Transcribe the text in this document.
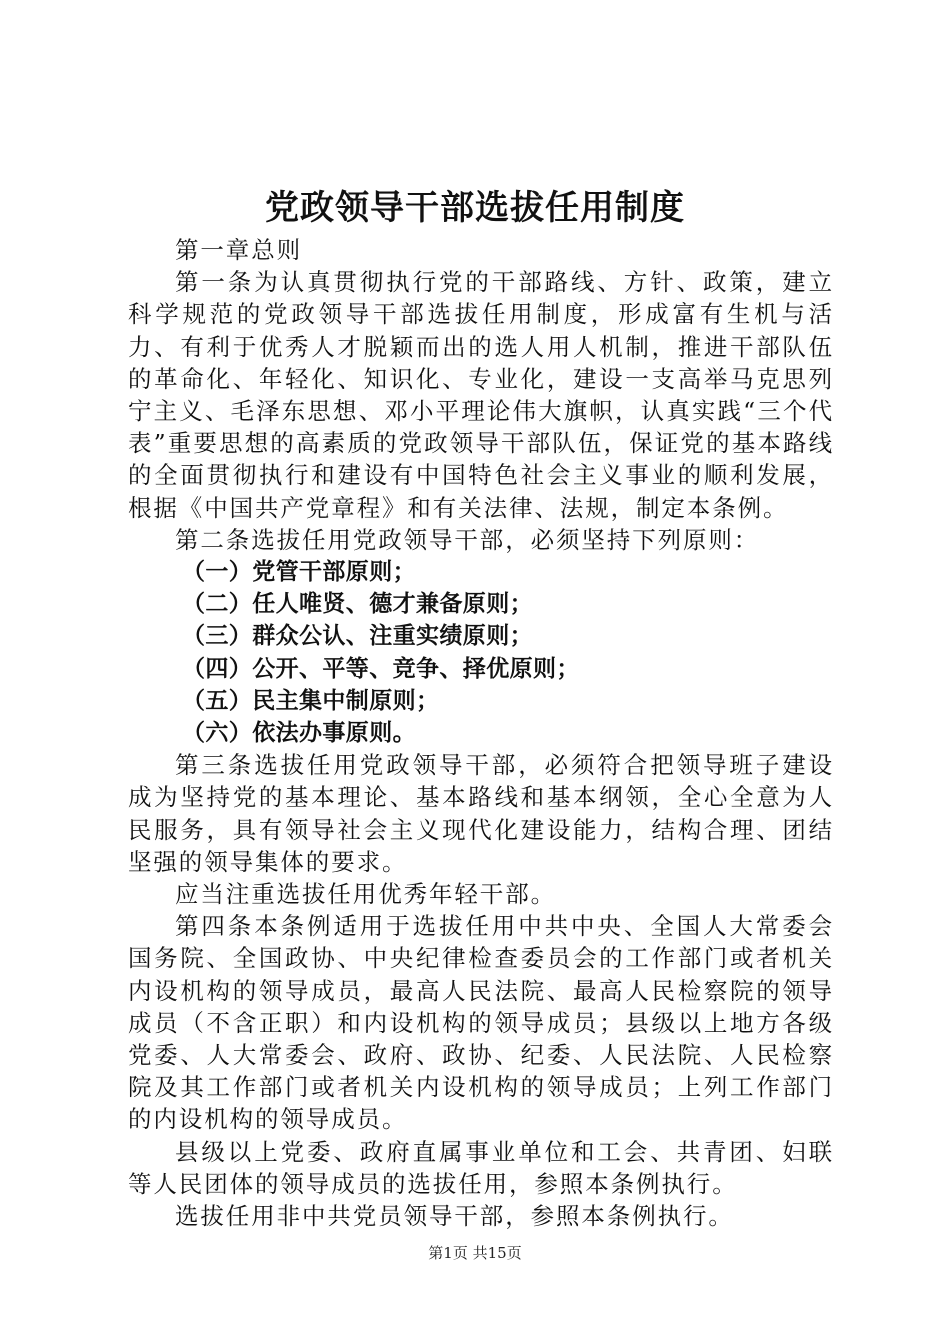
党政领导干部选拔任用制度

第一章总则

第一条为认真贯彻执行党的干部路线、方针、政策，建立科学规范的党政领导干部选拔任用制度，形成富有生机与活力、有利于优秀人才脱颖而出的选人用人机制，推进干部队伍的革命化、年轻化、知识化、专业化，建设一支高举马克思列宁主义、毛泽东思想、邓小平理论伟大旗帜，认真实践“三个代表”重要思想的高素质的党政领导干部队伍，保证党的基本路线的全面贯彻执行和建设有中国特色社会主义事业的顺利发展，根据《中国共产党章程》和有关法律、法规，制定本条例。

第二条选拔任用党政领导干部，必须坚持下列原则：

（一）党管干部原则；

（二）任人唯贤、德才兼备原则；

（三）群众公认、注重实绩原则；

（四）公开、平等、竞争、择优原则；

（五）民主集中制原则；

（六）依法办事原则。

第三条选拔任用党政领导干部，必须符合把领导班子建设成为坚持党的基本理论、基本路线和基本纲领，全心全意为人民服务，具有领导社会主义现代化建设能力，结构合理、团结坚强的领导集体的要求。

应当注重选拔任用优秀年轻干部。

第四条本条例适用于选拔任用中共中央、全国人大常委会国务院、全国政协、中央纪律检查委员会的工作部门或者机关内设机构的领导成员，最高人民法院、最高人民检察院的领导成员（不含正职）和内设机构的领导成员；县级以上地方各级党委、人大常委会、政府、政协、纪委、人民法院、人民检察院及其工作部门或者机关内设机构的领导成员；上列工作部门的内设机构的领导成员。

县级以上党委、政府直属事业单位和工会、共青团、妇联等人民团体的领导成员的选拔任用，参照本条例执行。

选拔任用非中共党员领导干部，参照本条例执行。

第1页 共15页
